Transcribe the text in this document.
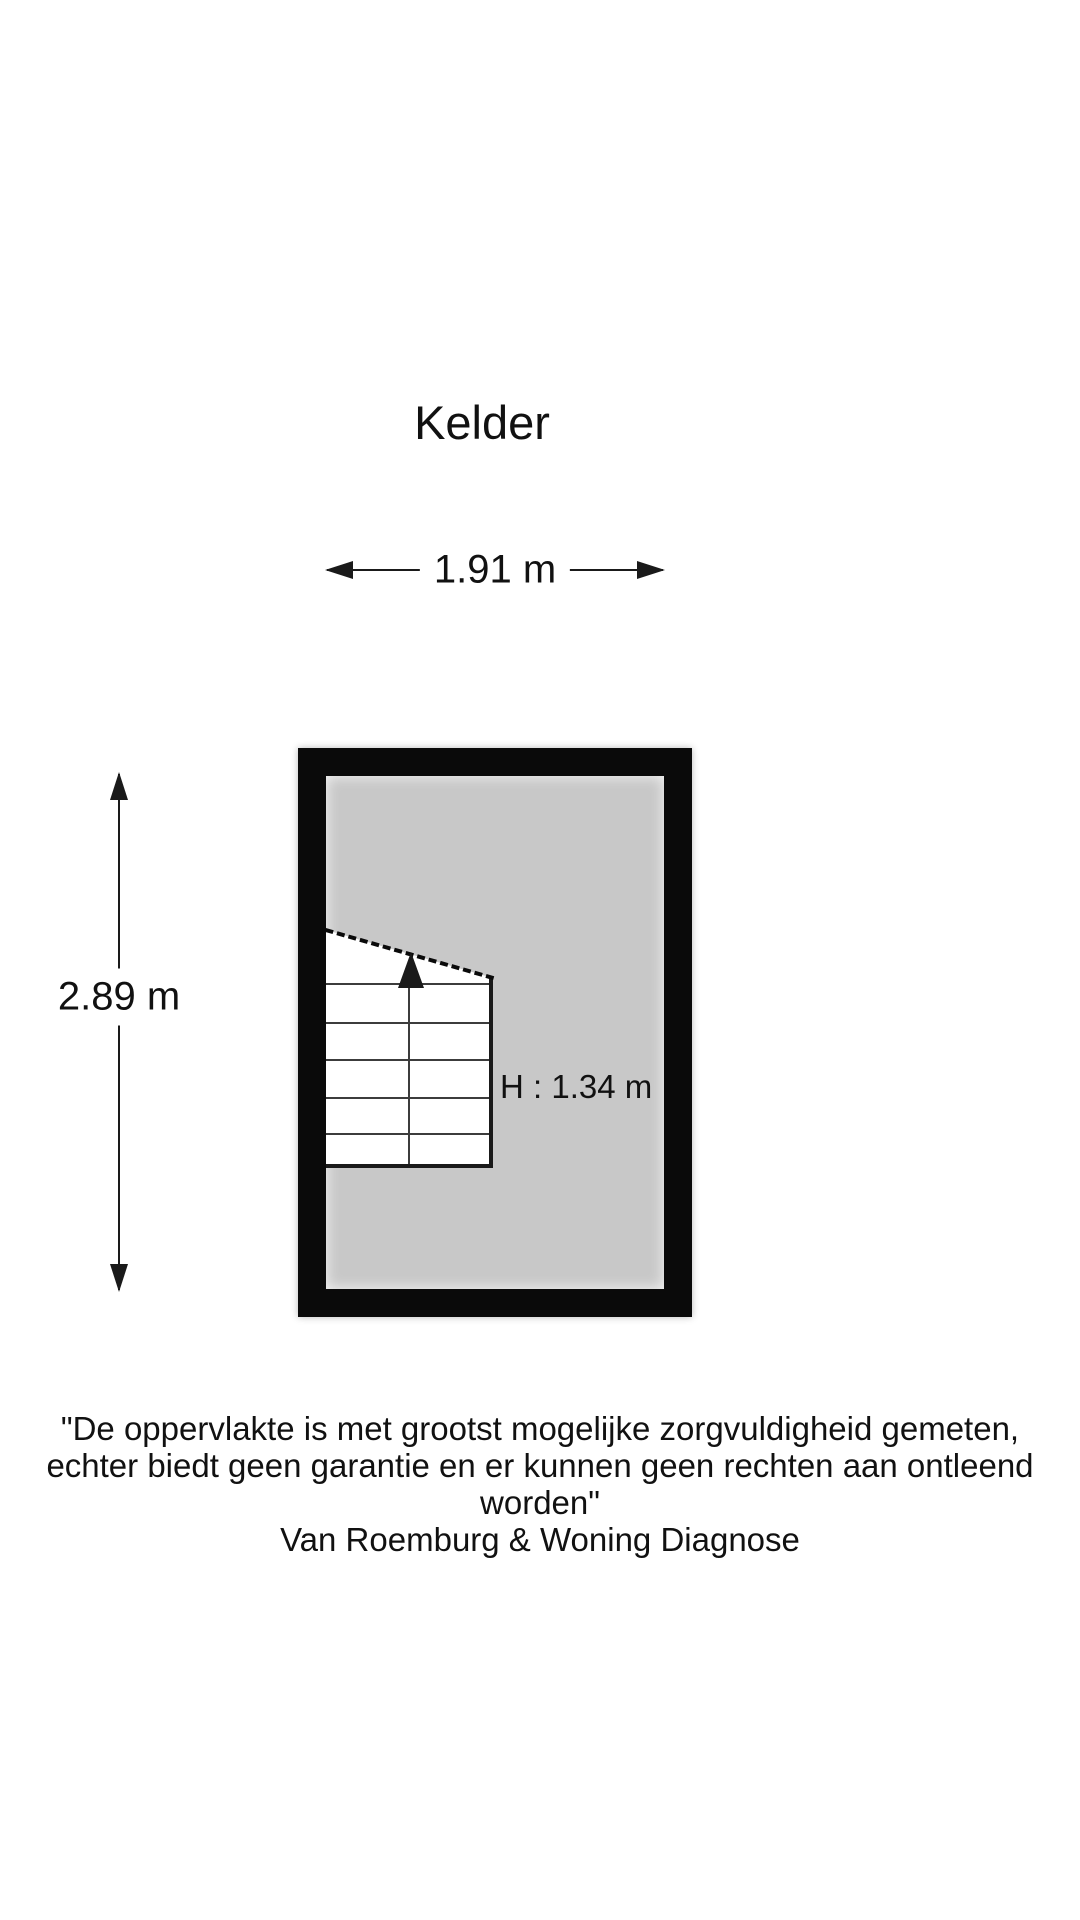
Kelder
1.91 m
2.89 m
H : 1.34 m
"De oppervlakte is met grootst mogelijke zorgvuldigheid gemeten,
echter biedt geen garantie en er kunnen geen rechten aan ontleend worden"
Van Roemburg & Woning Diagnose
